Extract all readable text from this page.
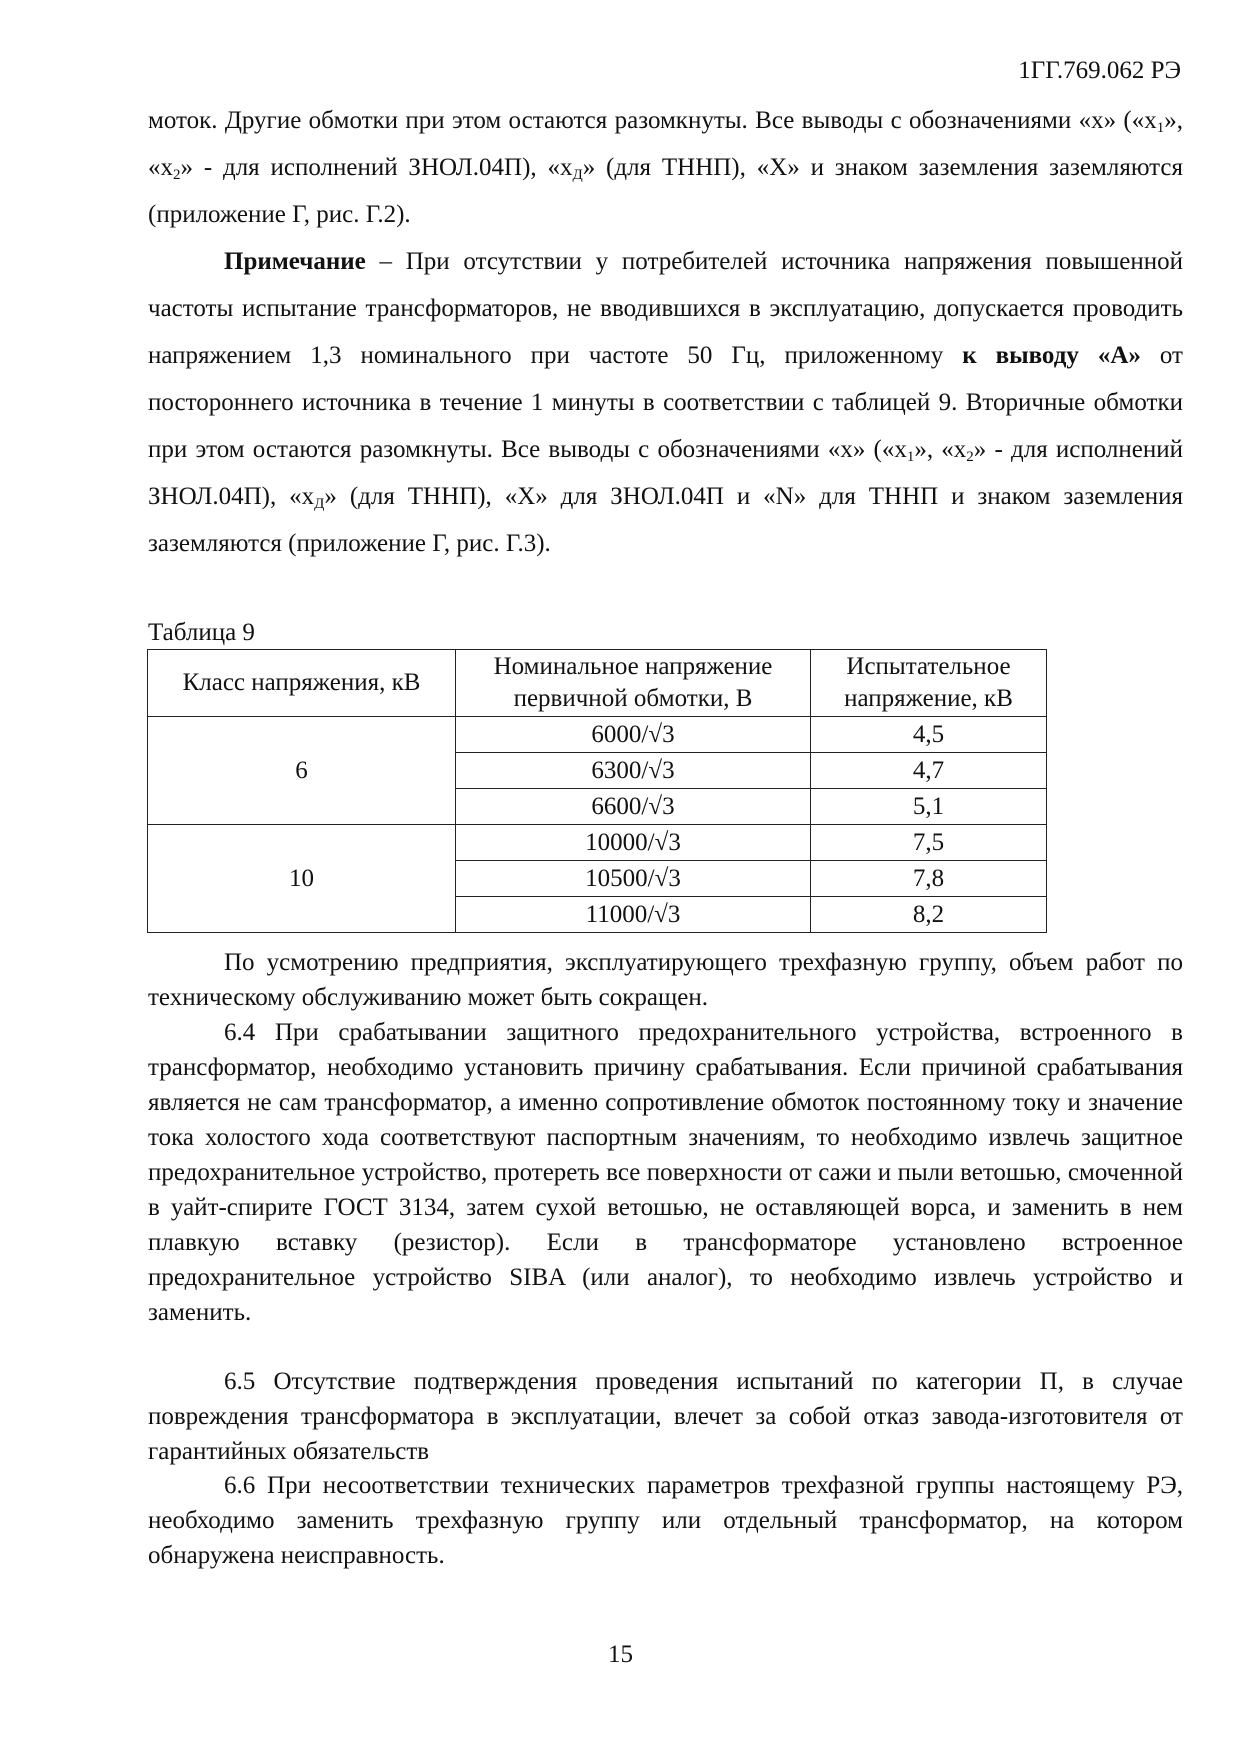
1ГГ.769.062 РЭ

моток. Другие обмотки при этом остаются разомкнуты. Все выводы с обозначениями «x» («$x_1$», «$x_2$» - для исполнений ЗНОЛ.04П), «$x_Д$» (для ТННП), «Х» и знаком заземления заземляются (приложение Г, рис. Г.2).

Примечание – При отсутствии у потребителей источника напряжения повышенной частоты испытание трансформаторов, не вводившихся в эксплуатацию, допускается проводить напряжением 1,3 номинального при частоте 50 Гц, приложенному к выводу «А» от постороннего источника в течение 1 минуты в соответствии с таблицей 9. Вторичные обмотки при этом остаются разомкнуты. Все выводы с обозначениями «x» («$x_1$», «$x_2$» - для исполнений ЗНОЛ.04П), «$x_Д$» (для ТННП), «Х» для ЗНОЛ.04П и «N» для ТННП и знаком заземления заземляются (приложение Г, рис. Г.3).

Таблица 9
Класс напряжения, кВ	Номинальное напряжение первичной обмотки, В	Испытательное напряжение, кВ
6	6000/√3	4,5
	6300/√3	4,7
	6600/√3	5,1
10	10000/√3	7,5
	10500/√3	7,8
	11000/√3	8,2

По усмотрению предприятия, эксплуатирующего трехфазную группу, объем работ по техническому обслуживанию может быть сокращен.

6.4 При срабатывании защитного предохранительного устройства, встроенного в трансформатор, необходимо установить причину срабатывания. Если причиной срабатывания является не сам трансформатор, а именно сопротивление обмоток постоянному току и значение тока холостого хода соответствуют паспортным значениям, то необходимо извлечь защитное предохранительное устройство, протереть все поверхности от сажи и пыли ветошью, смоченной в уайт-спирите ГОСТ 3134, затем сухой ветошью, не оставляющей ворса, и заменить в нем плавкую вставку (резистор). Если в трансформаторе установлено встроенное предохранительное устройство SIBA (или аналог), то необходимо извлечь устройство и заменить.

6.5 Отсутствие подтверждения проведения испытаний по категории П, в случае повреждения трансформатора в эксплуатации, влечет за собой отказ завода-изготовителя от гарантийных обязательств

6.6 При несоответствии технических параметров трехфазной группы настоящему РЭ, необходимо заменить трехфазную группу или отдельный трансформатор, на котором обнаружена неисправность.

15
